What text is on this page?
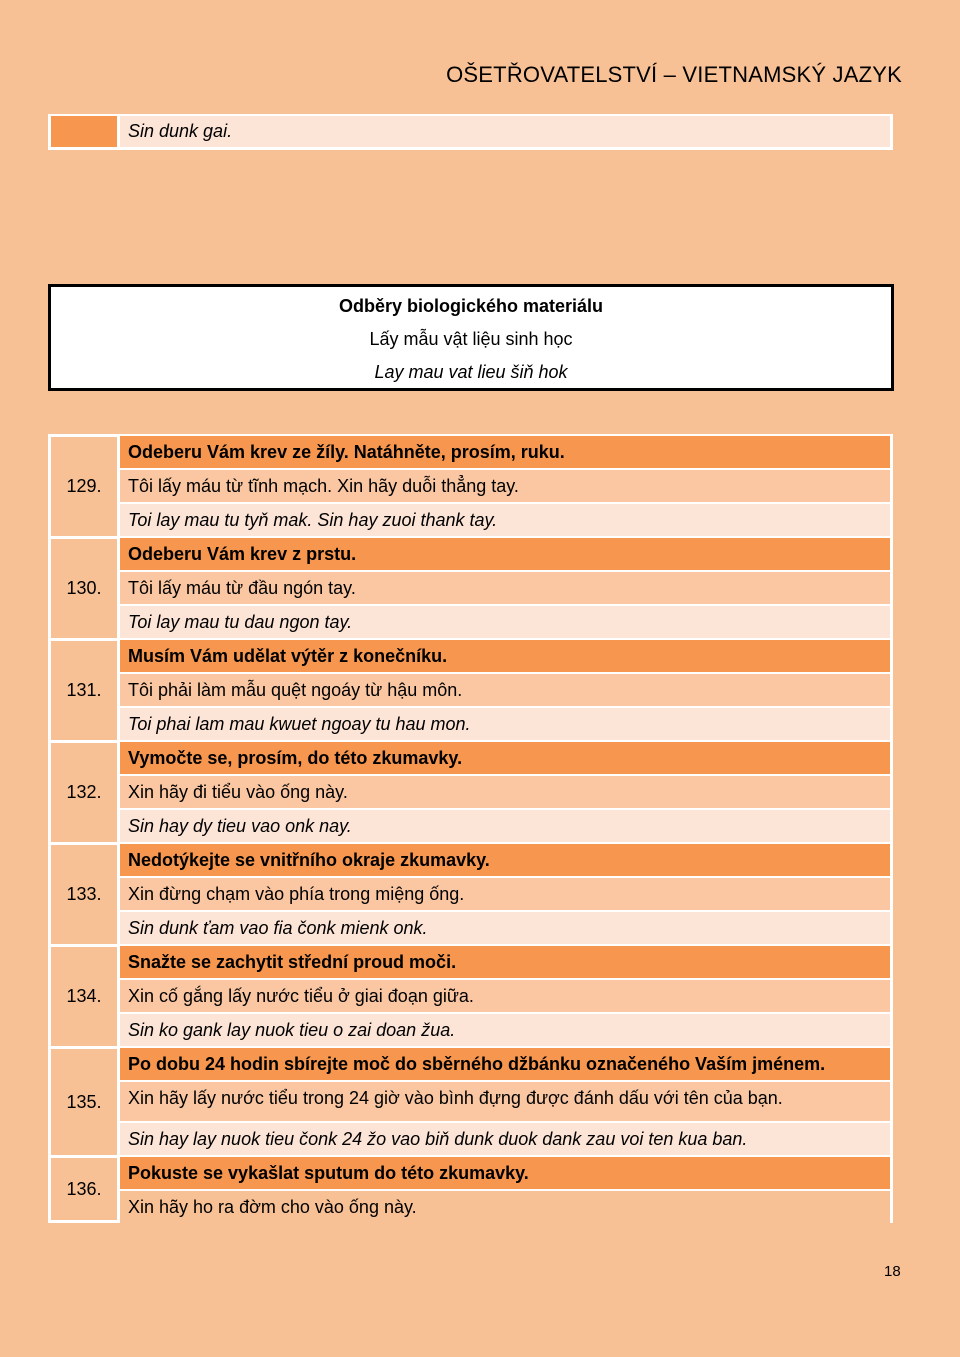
OŠETŘOVATELSTVÍ – VIETNAMSKÝ JAZYK

Sin dunk gai.
Odběry biologického materiálu
Lấy mẫu vật liệu sinh học
Lay mau vat lieu šiň hok
129.	Odeberu Vám krev ze žíly. Natáhněte, prosím, ruku.
Tôi lấy máu từ tĩnh mạch. Xin hãy duỗi thẳng tay.
Toi lay mau tu tyň mak. Sin hay zuoi thank tay.

130.	Odeberu Vám krev z prstu.
Tôi lấy máu từ đầu ngón tay.
Toi lay mau tu dau ngon tay.

131.	Musím Vám udělat výtěr z konečníku.
Tôi phải làm mẫu quệt ngoáy từ hậu môn.
Toi phai lam mau kwuet ngoay tu hau mon.

132.	Vymočte se, prosím, do této zkumavky.
Xin hãy đi tiểu vào ống này.
Sin hay dy tieu vao onk nay.

133.	Nedotýkejte se vnitřního okraje zkumavky.
Xin đừng chạm vào phía trong miệng ống.
Sin dunk ťam vao fia čonk mienk onk.

134.	Snažte se zachytit střední proud moči.
Xin cố gắng lấy nước tiểu ở giai đoạn giữa.
Sin ko gank lay nuok tieu o zai doan žua.

135.	Po dobu 24 hodin sbírejte moč do sběrného džbánku označeného Vaším jménem.
Xin hãy lấy nước tiểu trong 24 giờ vào bình đựng được đánh dấu với tên của bạn.
Sin hay lay nuok tieu čonk 24 žo vao biň dunk duok dank zau voi ten kua ban.

136.	Pokuste se vykašlat sputum do této zkumavky.
Xin hãy ho ra đờm cho vào ống này.
18
